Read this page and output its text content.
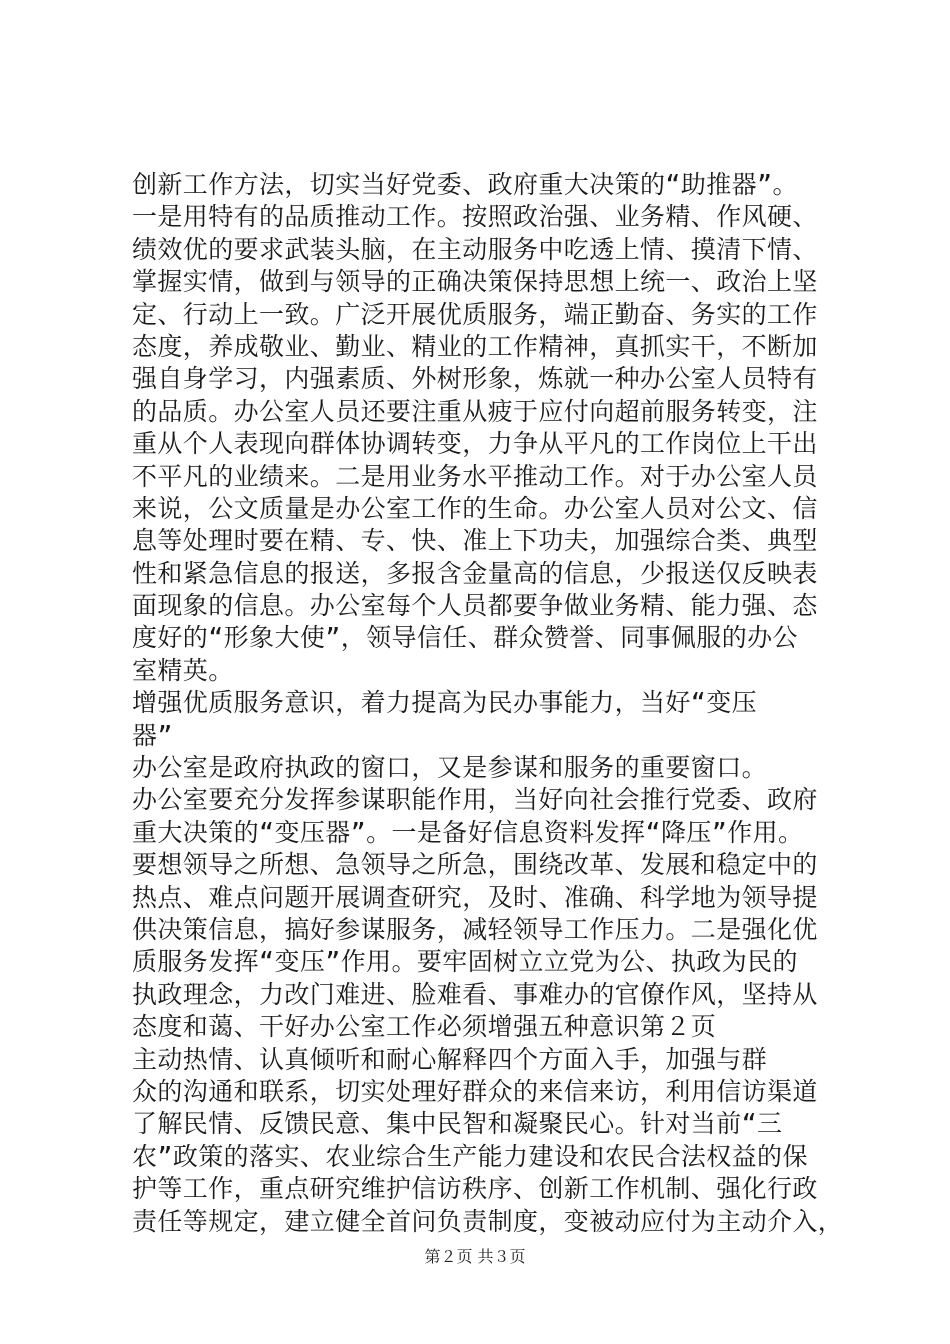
创新工作方法，切实当好党委、政府重大决策的“助推器”。
一是用特有的品质推动工作。按照政治强、业务精、作风硬、
绩效优的要求武装头脑，在主动服务中吃透上情、摸清下情、
掌握实情，做到与领导的正确决策保持思想上统一、政治上坚
定、行动上一致。广泛开展优质服务，端正勤奋、务实的工作
态度，养成敬业、勤业、精业的工作精神，真抓实干，不断加
强自身学习，内强素质、外树形象，炼就一种办公室人员特有
的品质。办公室人员还要注重从疲于应付向超前服务转变，注
重从个人表现向群体协调转变，力争从平凡的工作岗位上干出
不平凡的业绩来。二是用业务水平推动工作。对于办公室人员
来说，公文质量是办公室工作的生命。办公室人员对公文、信
息等处理时要在精、专、快、准上下功夫，加强综合类、典型
性和紧急信息的报送，多报含金量高的信息，少报送仅反映表
面现象的信息。办公室每个人员都要争做业务精、能力强、态
度好的“形象大使”，领导信任、群众赞誉、同事佩服的办公
室精英。
增强优质服务意识，着力提高为民办事能力，当好“变压
器”
办公室是政府执政的窗口，又是参谋和服务的重要窗口。
办公室要充分发挥参谋职能作用，当好向社会推行党委、政府
重大决策的“变压器”。一是备好信息资料发挥“降压”作用。
要想领导之所想、急领导之所急，围绕改革、发展和稳定中的
热点、难点问题开展调查研究，及时、准确、科学地为领导提
供决策信息，搞好参谋服务，减轻领导工作压力。二是强化优
质服务发挥“变压”作用。要牢固树立立党为公、执政为民的
执政理念，力改门难进、脸难看、事难办的官僚作风，坚持从
态度和蔼、干好办公室工作必须增强五种意识第２页
主动热情、认真倾听和耐心解释四个方面入手，加强与群
众的沟通和联系，切实处理好群众的来信来访，利用信访渠道
了解民情、反馈民意、集中民智和凝聚民心。针对当前“三
农”政策的落实、农业综合生产能力建设和农民合法权益的保
护等工作，重点研究维护信访秩序、创新工作机制、强化行政
责任等规定，建立健全首问负责制度，变被动应付为主动介入，
第２页 共３页
